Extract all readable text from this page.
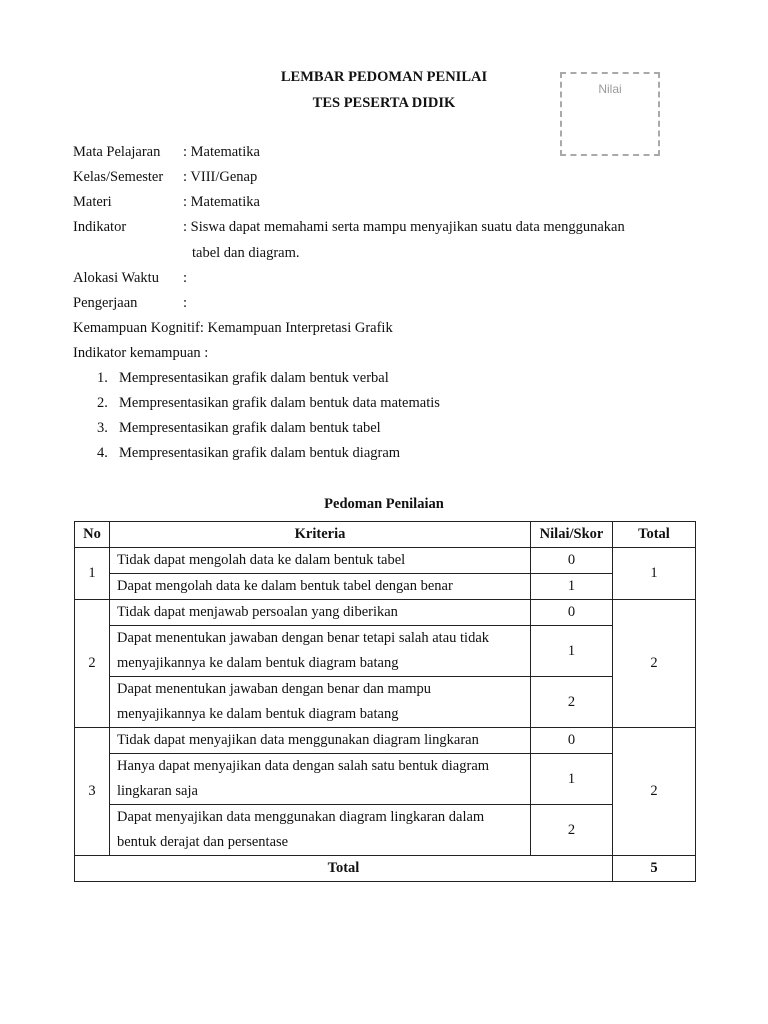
LEMBAR PEDOMAN PENILAI
TES PESERTA DIDIK
Nilai
Mata Pelajaran : Matematika
Kelas/Semester : VIII/Genap
Materi	: Matematika
Indikator	: Siswa dapat memahami serta mampu menyajikan suatu data menggunakan
tabel dan diagram.
Alokasi Waktu :
Pengerjaan	:
Kemampuan Kognitif: Kemampuan Interpretasi Grafik
Indikator kemampuan :
1. Mempresentasikan grafik dalam bentuk verbal
2. Mempresentasikan grafik dalam bentuk data matematis
3. Mempresentasikan grafik dalam bentuk tabel
4. Mempresentasikan grafik dalam bentuk diagram
Pedoman Penilaian
No	Kriteria	Nilai/Skor	Total
1	Tidak dapat mengolah data ke dalam bentuk tabel	0	1
	Dapat mengolah data ke dalam bentuk tabel dengan benar	1	
2	Tidak dapat menjawab persoalan yang diberikan	0	2

	Dapat menentukan jawaban dengan benar tetapi salah atau tidak
menyajikannya ke dalam bentuk diagram batang	1	

	Dapat menentukan jawaban dengan benar dan mampu
menyajikannya ke dalam bentuk diagram batang	2	
3	Tidak dapat menyajikan data menggunakan diagram lingkaran	0	2

	Hanya dapat menyajikan data dengan salah satu bentuk diagram
lingkaran saja	1	

	Dapat menyajikan data menggunakan diagram lingkaran dalam
bentuk derajat dan persentase	2	
Total			5
